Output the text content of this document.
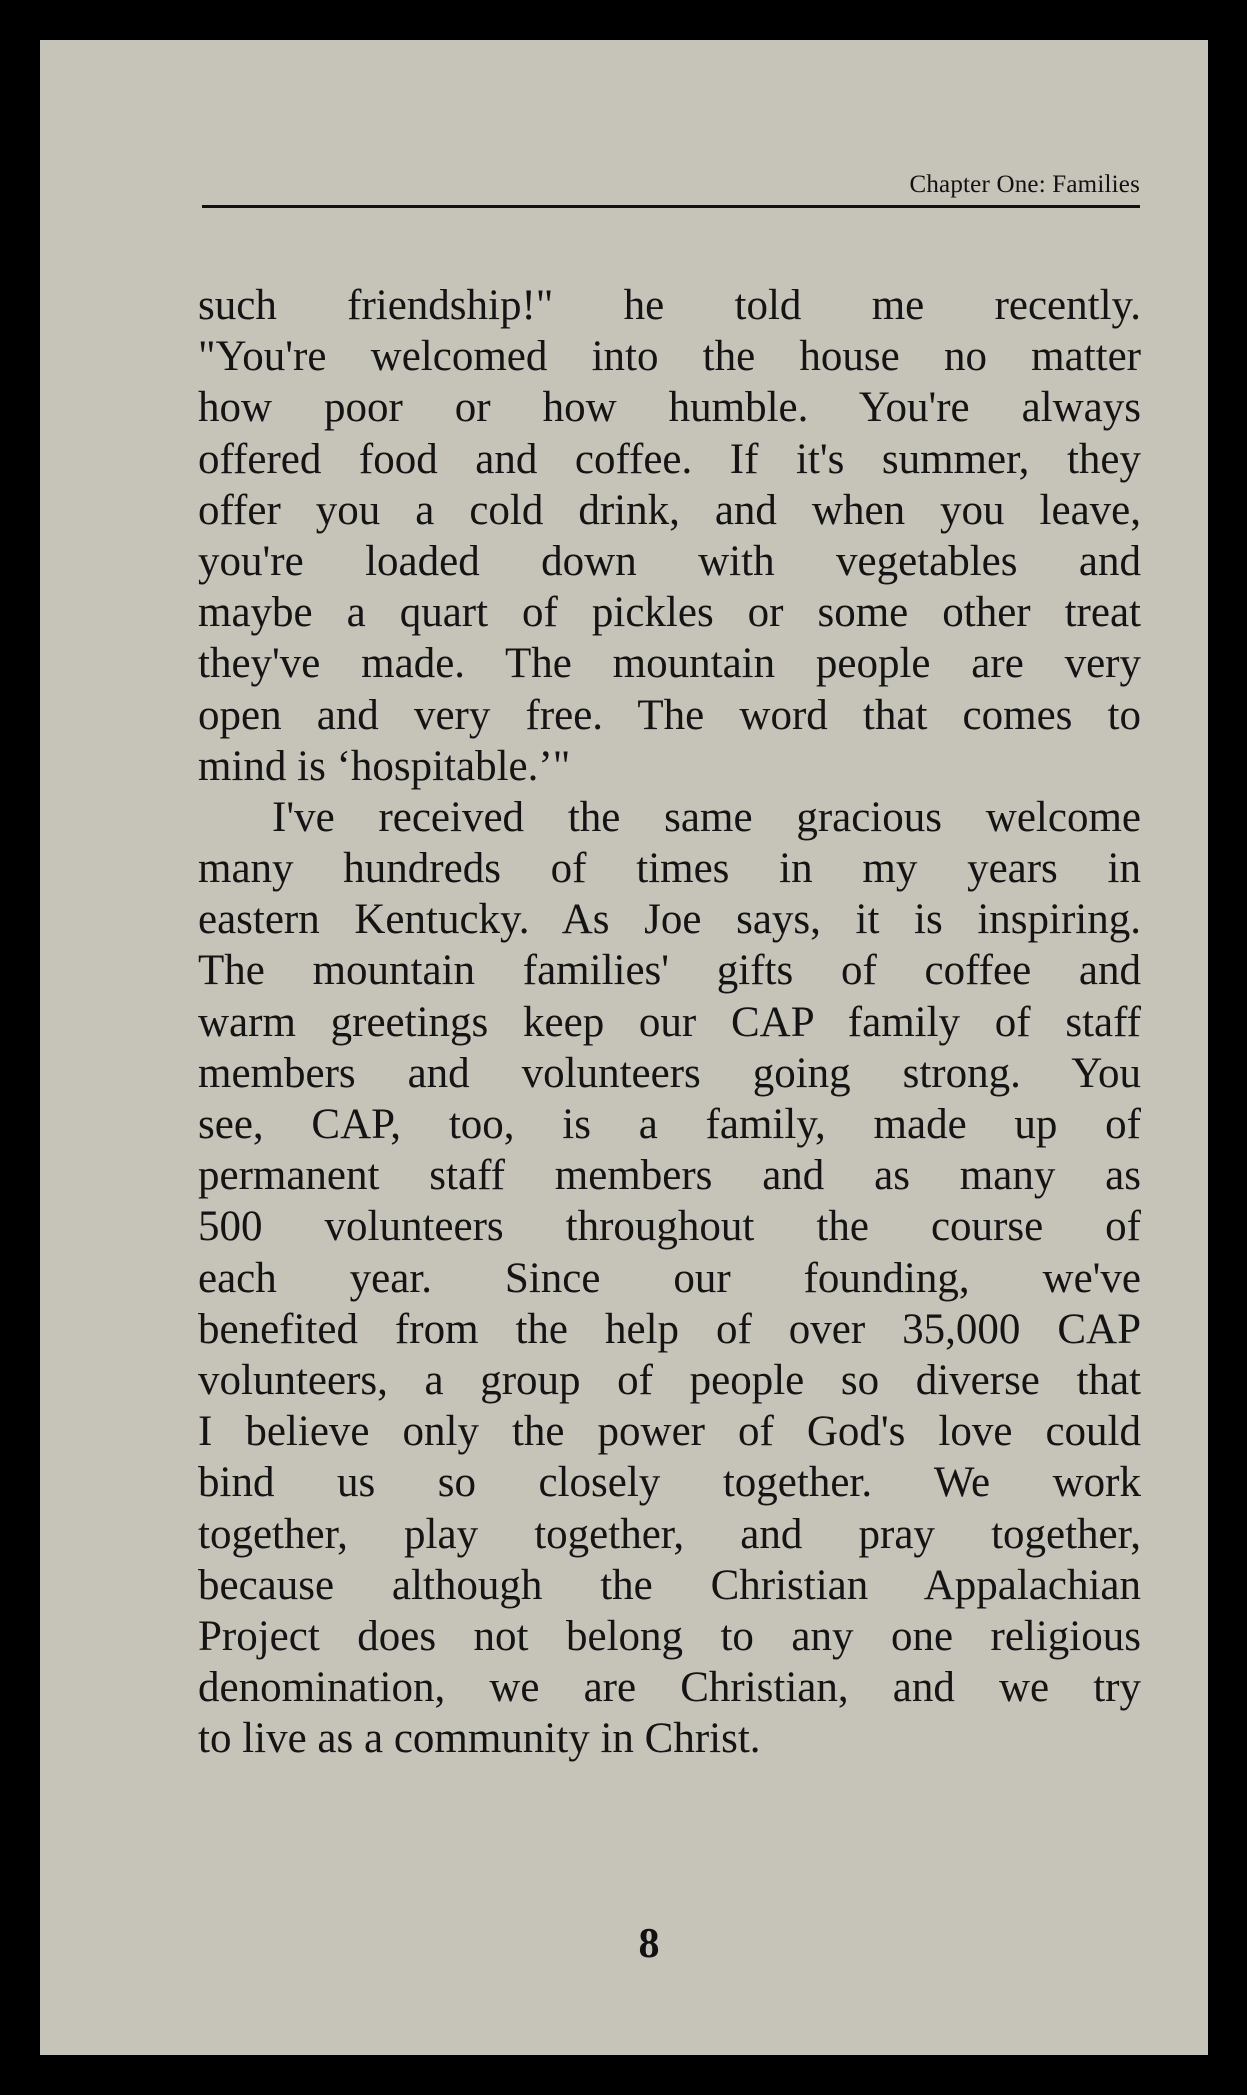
Chapter One: Families
such friendship!" he told me recently.
"You're welcomed into the house no matter
how poor or how humble. You're always
offered food and coffee. If it's summer, they
offer you a cold drink, and when you leave,
you're loaded down with vegetables and
maybe a quart of pickles or some other treat
they've made. The mountain people are very
open and very free. The word that comes to
mind is ‘hospitable.’"
I've received the same gracious welcome
many hundreds of times in my years in
eastern Kentucky. As Joe says, it is inspiring.
The mountain families' gifts of coffee and
warm greetings keep our CAP family of staff
members and volunteers going strong. You
see, CAP, too, is a family, made up of
permanent staff members and as many as
500 volunteers throughout the course of
each year. Since our founding, we've
benefited from the help of over 35,000 CAP
volunteers, a group of people so diverse that
I believe only the power of God's love could
bind us so closely together. We work
together, play together, and pray together,
because although the Christian Appalachian
Project does not belong to any one religious
denomination, we are Christian, and we try
to live as a community in Christ.
8
